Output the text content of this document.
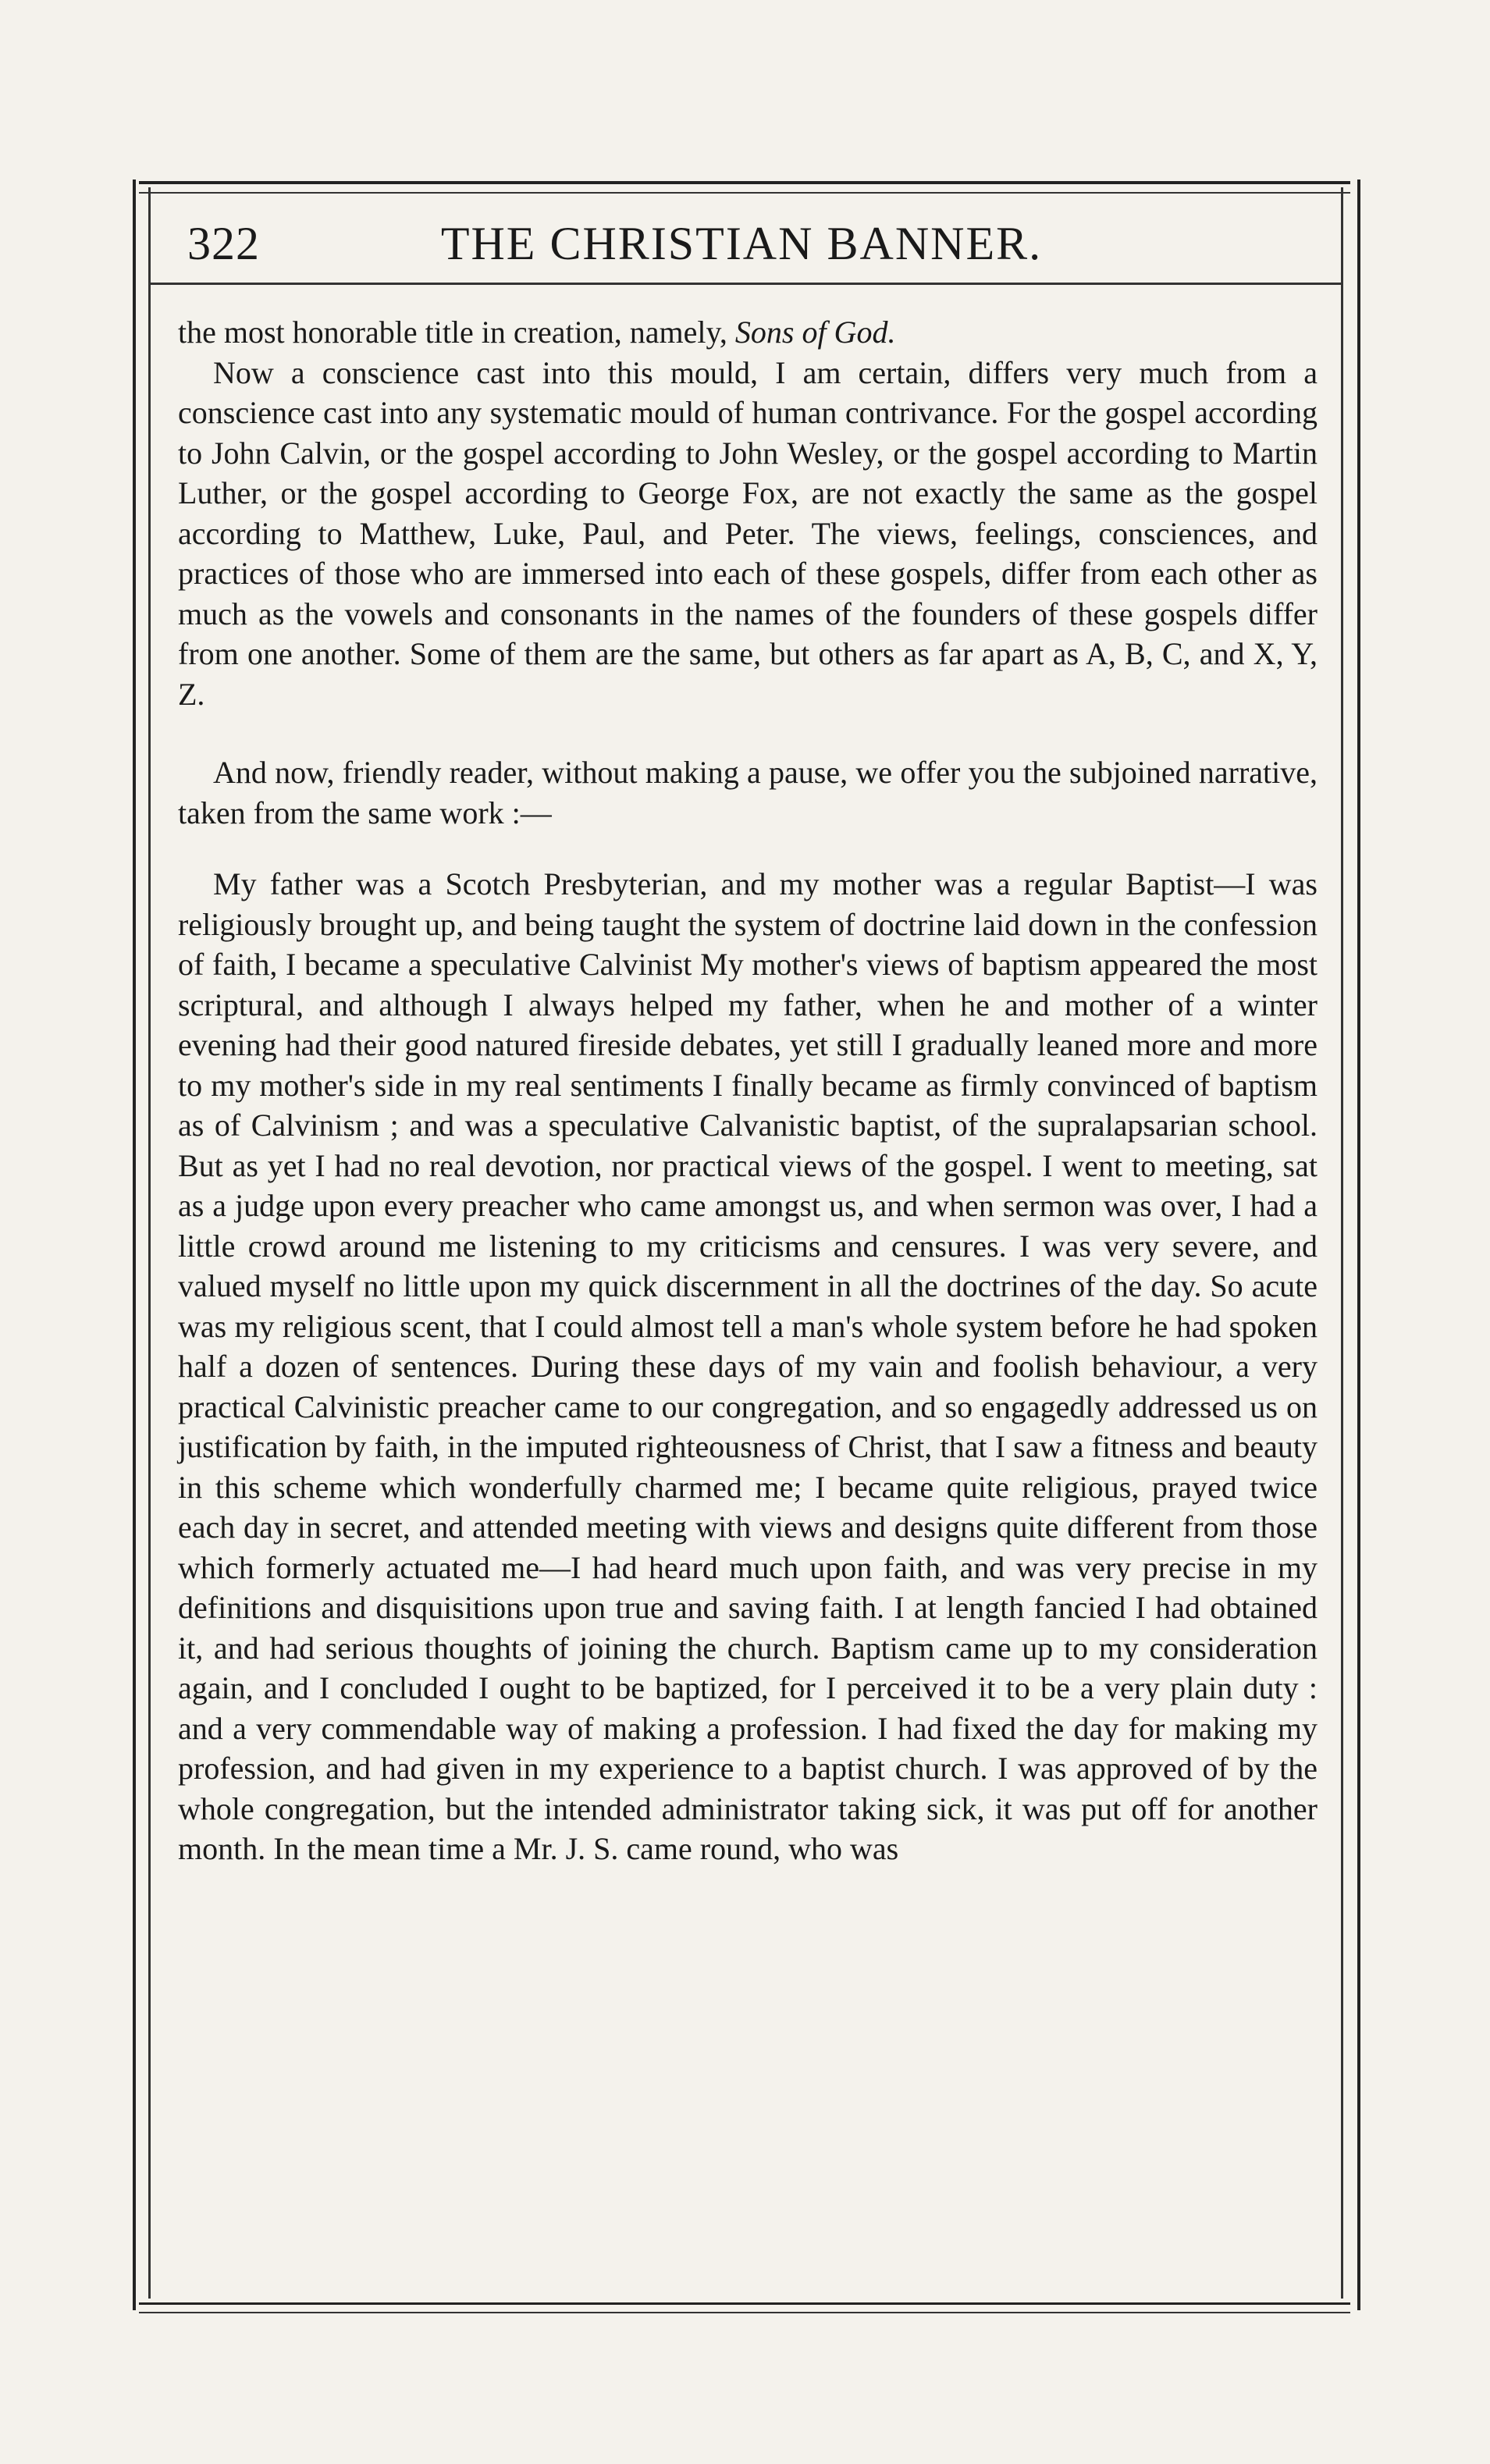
322	THE CHRISTIAN BANNER.

the most honorable title in creation, namely, Sons of God.

Now a conscience cast into this mould, I am certain, differs very much from a conscience cast into any systematic mould of human contrivance. For the gospel according to John Calvin, or the gospel according to John Wesley, or the gospel according to Martin Luther, or the gospel according to George Fox, are not exactly the same as the gospel according to Matthew, Luke, Paul, and Peter. The views, feelings, consciences, and practices of those who are immersed into each of these gospels, differ from each other as much as the vowels and consonants in the names of the founders of these gospels differ from one another. Some of them are the same, but others as far apart as A, B, C, and X, Y, Z.

And now, friendly reader, without making a pause, we offer you the subjoined narrative, taken from the same work :—

My father was a Scotch Presbyterian, and my mother was a regular Baptist—I was religiously brought up, and being taught the system of doctrine laid down in the confession of faith, I became a speculative Calvinist My mother's views of baptism appeared the most scriptural, and although I always helped my father, when he and mother of a winter evening had their good natured fireside debates, yet still I gradually leaned more and more to my mother's side in my real sentiments I finally became as firmly convinced of baptism as of Calvinism ; and was a speculative Calvanistic baptist, of the supralapsarian school. But as yet I had no real devotion, nor practical views of the gospel. I went to meeting, sat as a judge upon every preacher who came amongst us, and when sermon was over, I had a little crowd around me listening to my criticisms and censures. I was very severe, and valued myself no little upon my quick discernment in all the doctrines of the day. So acute was my religious scent, that I could almost tell a man's whole system before he had spoken half a dozen of sentences. During these days of my vain and foolish behaviour, a very practical Calvinistic preacher came to our congregation, and so engagedly addressed us on justification by faith, in the imputed righteousness of Christ, that I saw a fitness and beauty in this scheme which wonderfully charmed me; I became quite religious, prayed twice each day in secret, and attended meeting with views and designs quite different from those which formerly actuated me—I had heard much upon faith, and was very precise in my definitions and disquisitions upon true and saving faith. I at length fancied I had obtained it, and had serious thoughts of joining the church. Baptism came up to my consideration again, and I concluded I ought to be baptized, for I perceived it to be a very plain duty : and a very commendable way of making a profession. I had fixed the day for making my profession, and had given in my experience to a baptist church. I was approved of by the whole congregation, but the intended administrator taking sick, it was put off for another month. In the mean time a Mr. J. S. came round, who was
